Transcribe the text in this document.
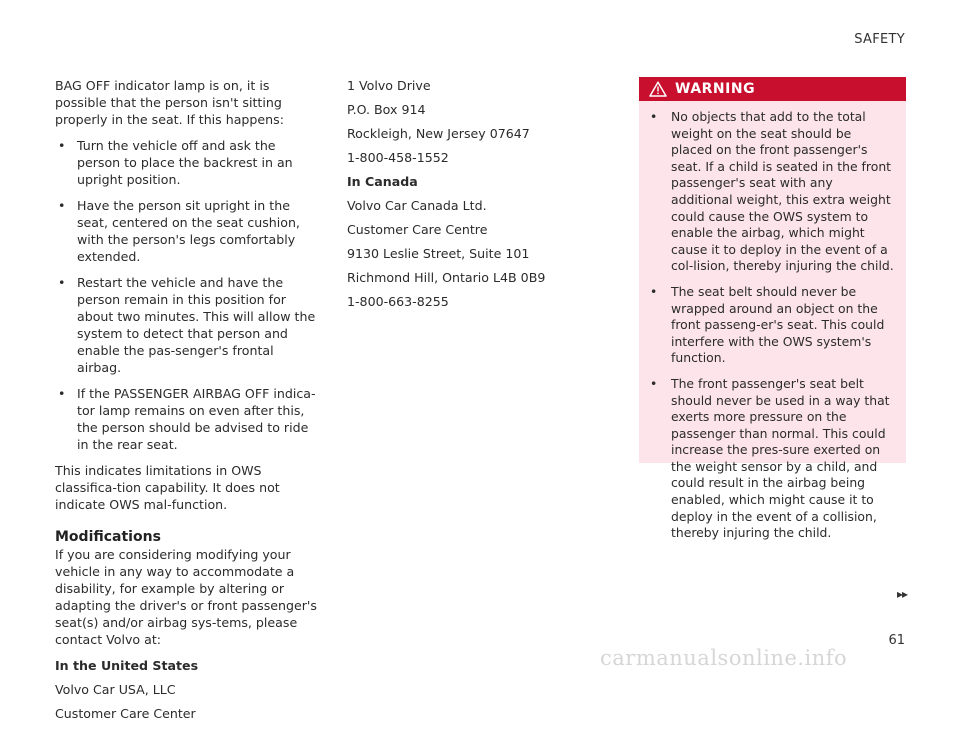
SAFETY

BAG OFF indicator lamp is on, it is possible that the person isn't sitting properly in the seat. If this happens:

• Turn the vehicle off and ask the person to place the backrest in an upright position.
• Have the person sit upright in the seat, centered on the seat cushion, with the person's legs comfortably extended.
• Restart the vehicle and have the person remain in this position for about two minutes. This will allow the system to detect that person and enable the pas-senger's frontal airbag.
• If the PASSENGER AIRBAG OFF indica-tor lamp remains on even after this, the person should be advised to ride in the rear seat.

This indicates limitations in OWS classifica-tion capability. It does not indicate OWS mal-function.

Modifications

If you are considering modifying your vehicle in any way to accommodate a disability, for example by altering or adapting the driver's or front passenger's seat(s) and/or airbag sys-tems, please contact Volvo at:

In the United States

Volvo Car USA, LLC

Customer Care Center

1 Volvo Drive

P.O. Box 914

Rockleigh, New Jersey 07647

1-800-458-1552

In Canada

Volvo Car Canada Ltd.

Customer Care Centre

9130 Leslie Street, Suite 101

Richmond Hill, Ontario L4B 0B9

1-800-663-8255

WARNING
• No objects that add to the total weight on the seat should be placed on the front passenger's seat. If a child is seated in the front passenger's seat with any additional weight, this extra weight could cause the OWS system to enable the airbag, which might cause it to deploy in the event of a col-lision, thereby injuring the child.
• The seat belt should never be wrapped around an object on the front passeng-er's seat. This could interfere with the OWS system's function.
• The front passenger's seat belt should never be used in a way that exerts more pressure on the passenger than normal. This could increase the pres-sure exerted on the weight sensor by a child, and could result in the airbag being enabled, which might cause it to deploy in the event of a collision, thereby injuring the child.
▸▸
61
carmanualsonline.info
